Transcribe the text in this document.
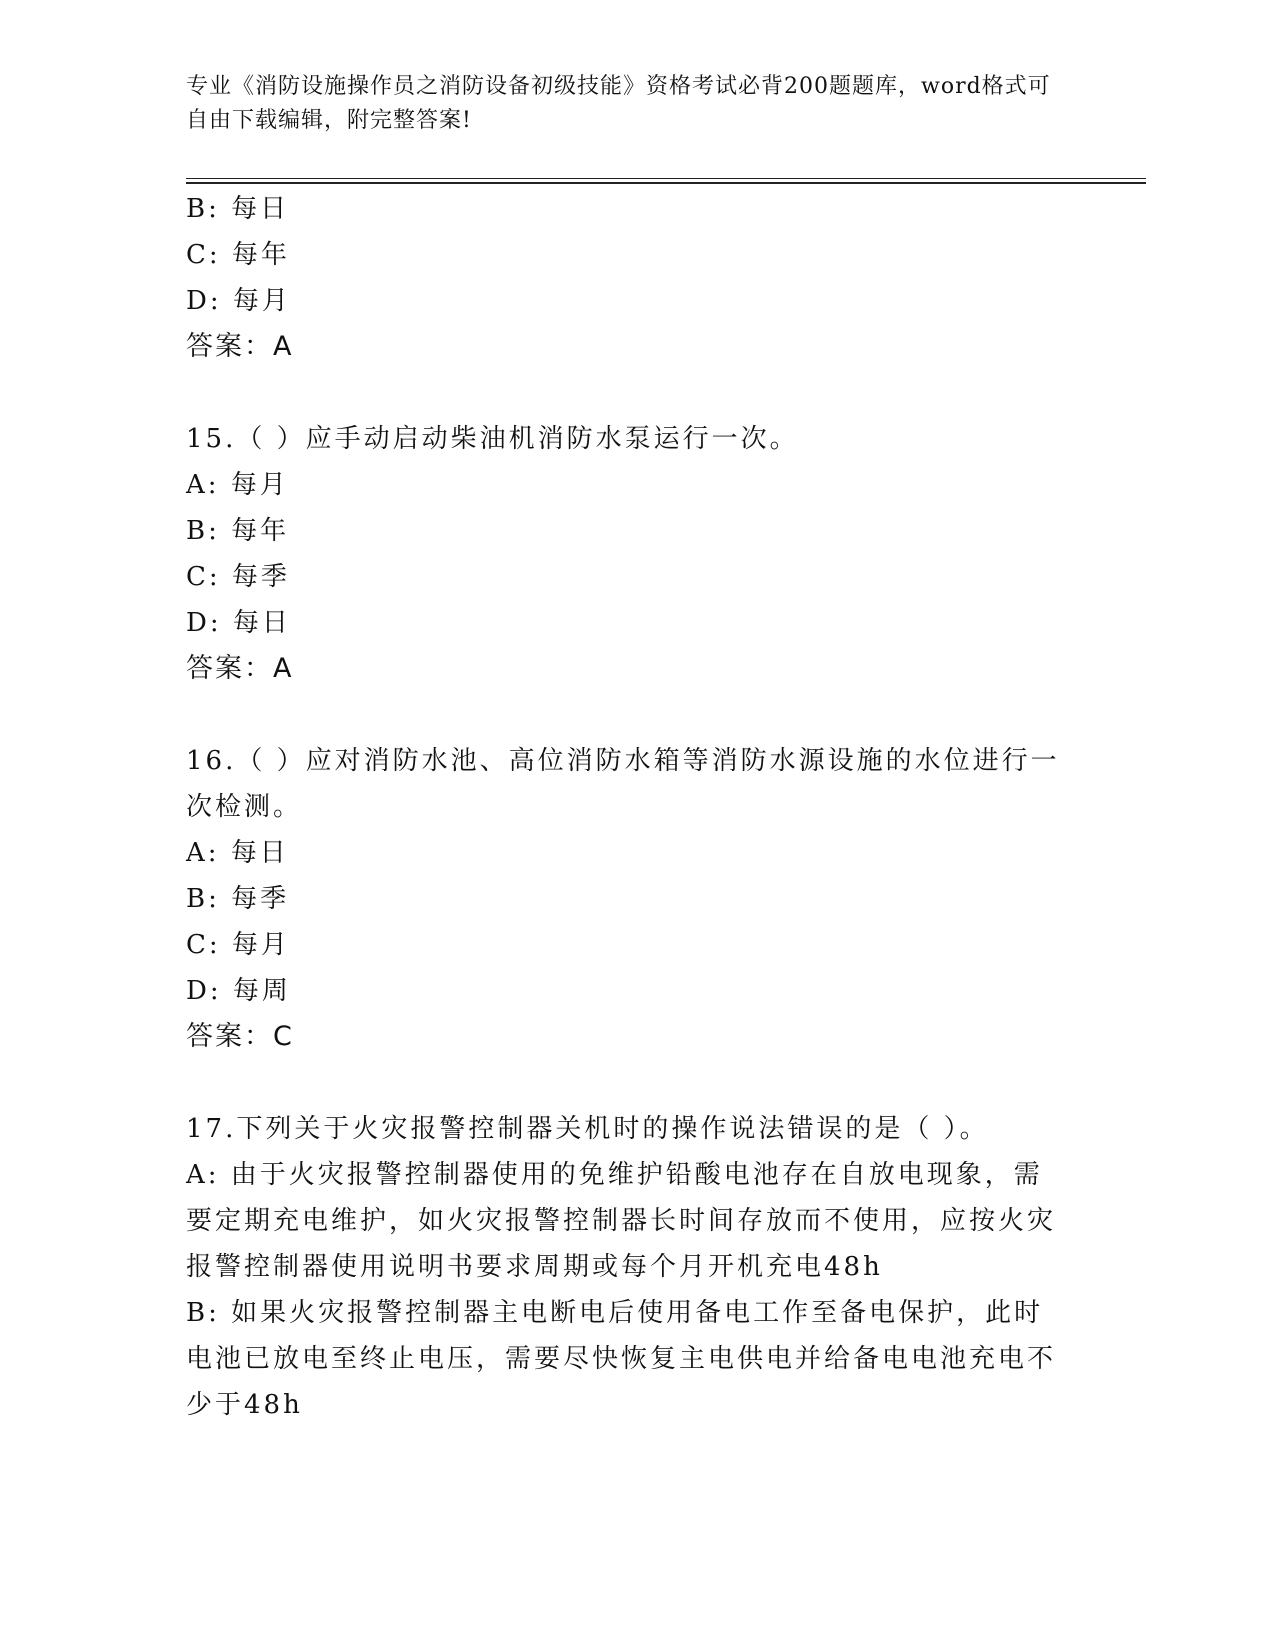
专业《消防设施操作员之消防设备初级技能》资格考试必背200题题库，word格式可自由下载编辑，附完整答案!
B: 每日
C: 每年
D: 每月
答案：A
15.（ ）应手动启动柴油机消防水泵运行一次。
A: 每月
B: 每年
C: 每季
D: 每日
答案：A
16.（ ）应对消防水池、高位消防水箱等消防水源设施的水位进行一次检测。
A: 每日
B: 每季
C: 每月
D: 每周
答案：C
17.下列关于火灾报警控制器关机时的操作说法错误的是（ ）。
A: 由于火灾报警控制器使用的免维护铅酸电池存在自放电现象，需要定期充电维护，如火灾报警控制器长时间存放而不使用，应按火灾报警控制器使用说明书要求周期或每个月开机充电48h
B: 如果火灾报警控制器主电断电后使用备电工作至备电保护，此时电池已放电至终止电压，需要尽快恢复主电供电并给备电电池充电不少于48h
